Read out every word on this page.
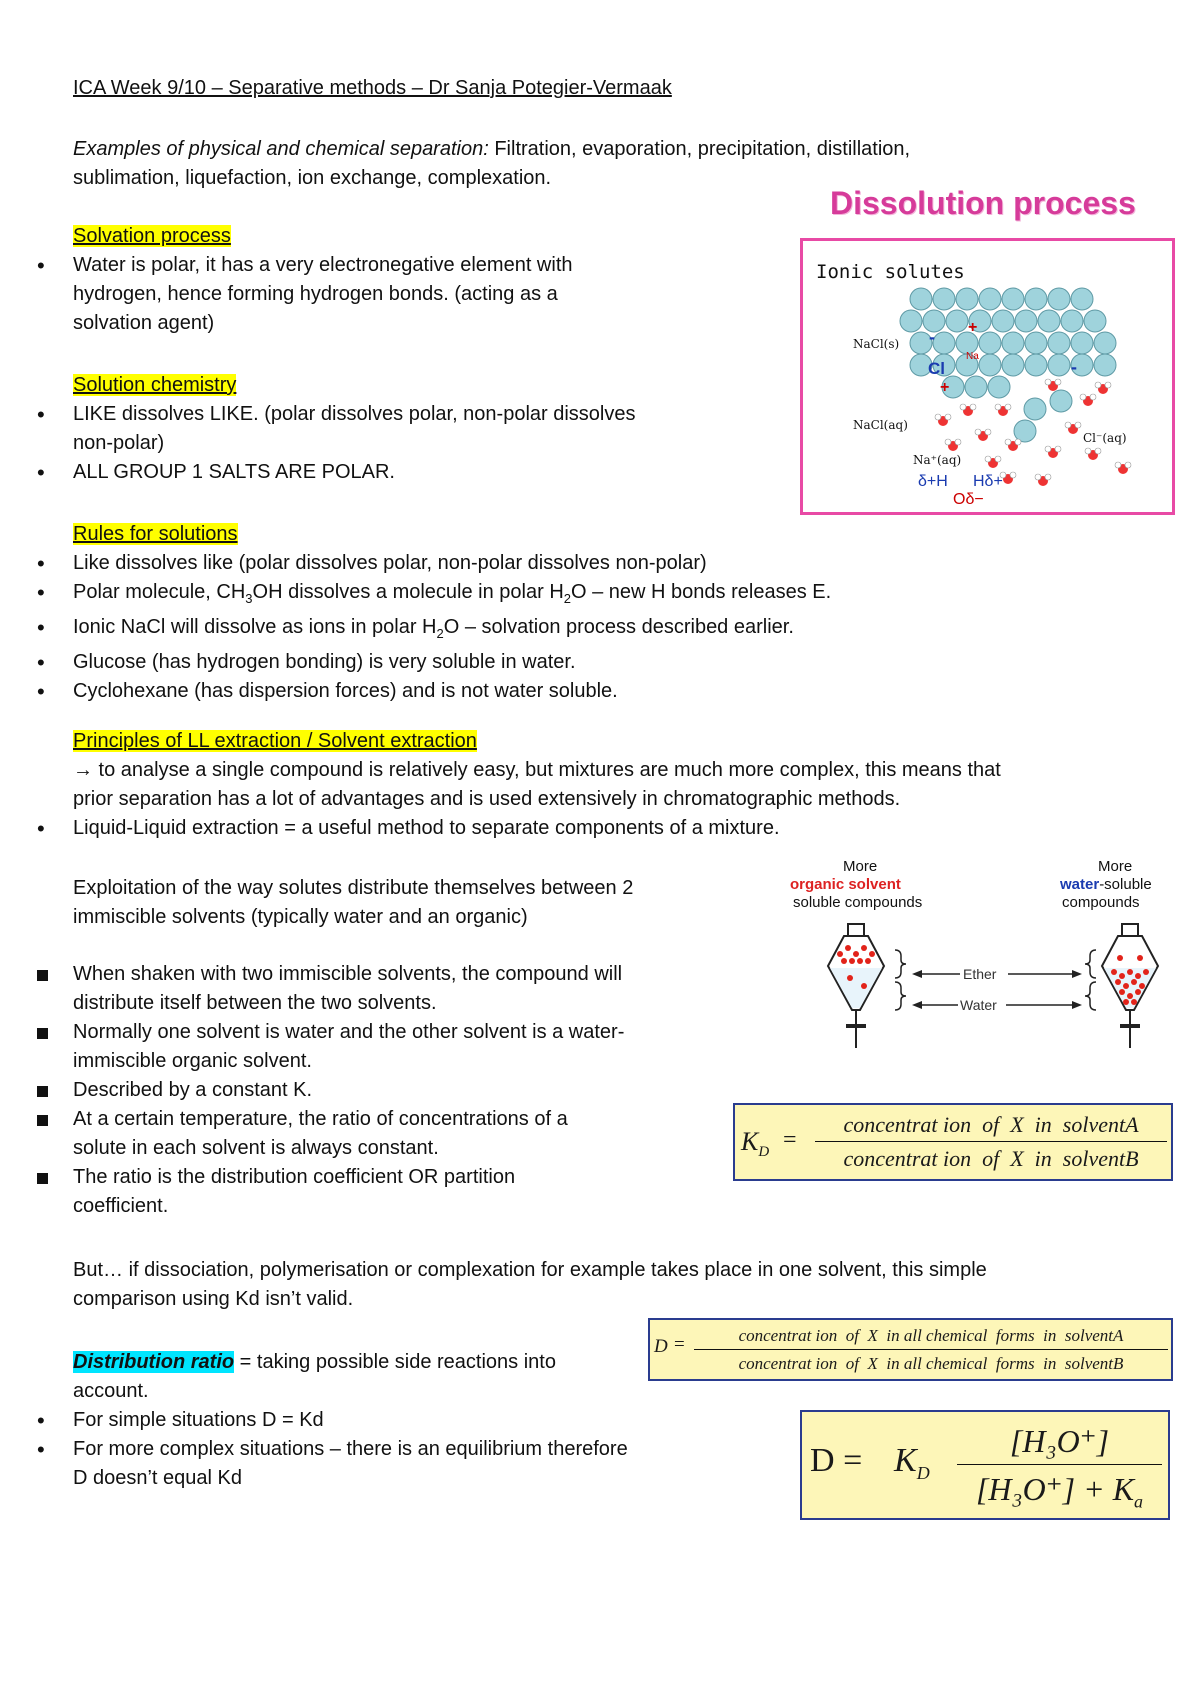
ICA Week 9/10 – Separative methods – Dr Sanja Potegier-Vermaak
Examples of physical and chemical separation: Filtration, evaporation, precipitation, distillation,
sublimation, liquefaction, ion exchange, complexation.
Solvation process
• Water is polar, it has a very electronegative element with
hydrogen, hence forming hydrogen bonds. (acting as a
solvation agent)
Solution chemistry
• LIKE dissolves LIKE. (polar dissolves polar, non-polar dissolves
non-polar)
• ALL GROUP 1 SALTS ARE POLAR.
Rules for solutions
• Like dissolves like (polar dissolves polar, non-polar dissolves non-polar)
• Polar molecule, $CH_3OH$ dissolves a molecule in polar $H_2O$ – new H bonds releases E.
• Ionic NaCl will dissolve as ions in polar $H_2O$ – solvation process described earlier.
• Glucose (has hydrogen bonding) is very soluble in water.
• Cyclohexane (has dispersion forces) and is not water soluble.
Principles of LL extraction / Solvent extraction
→ to analyse a single compound is relatively easy, but mixtures are much more complex, this means that
prior separation has a lot of advantages and is used extensively in chromatographic methods.
• Liquid-Liquid extraction = a useful method to separate components of a mixture.
Exploitation of the way solutes distribute themselves between 2
immiscible solvents (typically water and an organic)
When shaken with two immiscible solvents, the compound will
distribute itself between the two solvents.
Normally one solvent is water and the other solvent is a water-
immiscible organic solvent.
Described by a constant K.
At a certain temperature, the ratio of concentrations of a
solute in each solvent is always constant.
The ratio is the distribution coefficient OR partition
coefficient.
But… if dissociation, polymerisation or complexation for example takes place in one solvent, this simple
comparison using Kd isn’t valid.
Distribution ratio = taking possible side reactions into
account.
• For simple situations D = Kd
• For more complex situations – there is an equilibrium therefore
D doesn’t equal Kd
Dissolution process
Ionic solutes
NaCl(s)
NaCl(aq)
Na⁺(aq)
Cl⁻(aq)
Cl
Na
+
+
-
-
δ+H Hδ+
Oδ−
More
organic solvent
soluble compounds
More
water-soluble
compounds
Ether
Water
$K_D$ =
concentrat ion  of  X  in  solventA
concentrat ion  of  X  in  solventB
D =	concentrat ion  of  X  in all chemical  forms  in  solventA
concentrat ion  of  X  in all chemical  forms  in  solventB
$D = K_D \frac{\text{[H₃O⁺]}}{[H_3O^+] + K_a}$
